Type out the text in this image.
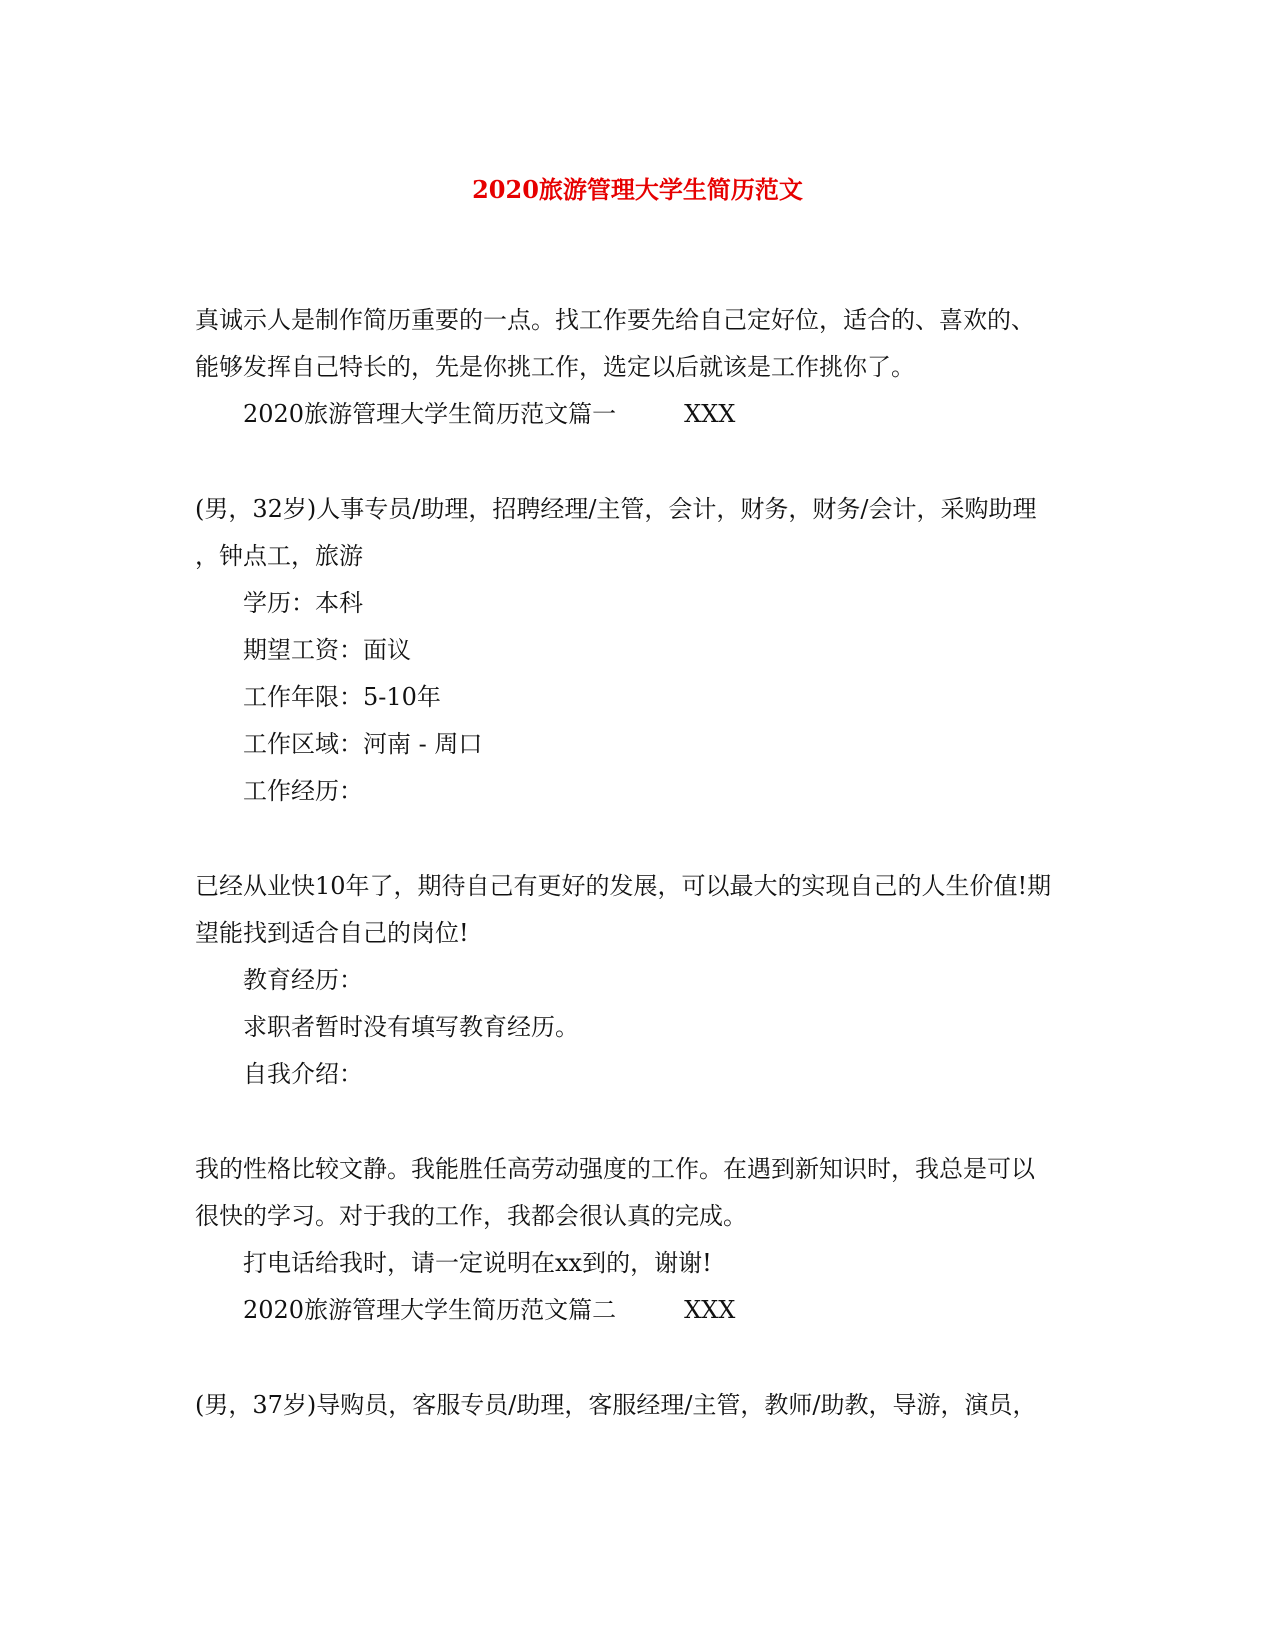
2020旅游管理大学生简历范文
真诚示人是制作简历重要的一点。找工作要先给自己定好位，适合的、喜欢的、
能够发挥自己特长的，先是你挑工作，选定以后就该是工作挑你了。
2020旅游管理大学生简历范文篇一	XXX
(男，32岁)人事专员/助理，招聘经理/主管，会计，财务，财务/会计，采购助理
，钟点工，旅游
学历：本科
期望工资：面议
工作年限：5-10年
工作区域：河南 - 周口
工作经历：
已经从业快10年了，期待自己有更好的发展，可以最大的实现自己的人生价值!期
望能找到适合自己的岗位!
教育经历：
求职者暂时没有填写教育经历。
自我介绍：
我的性格比较文静。我能胜任高劳动强度的工作。在遇到新知识时，我总是可以
很快的学习。对于我的工作，我都会很认真的完成。
打电话给我时，请一定说明在xx到的，谢谢!
2020旅游管理大学生简历范文篇二	XXX
(男，37岁)导购员，客服专员/助理，客服经理/主管，教师/助教，导游，演员，
